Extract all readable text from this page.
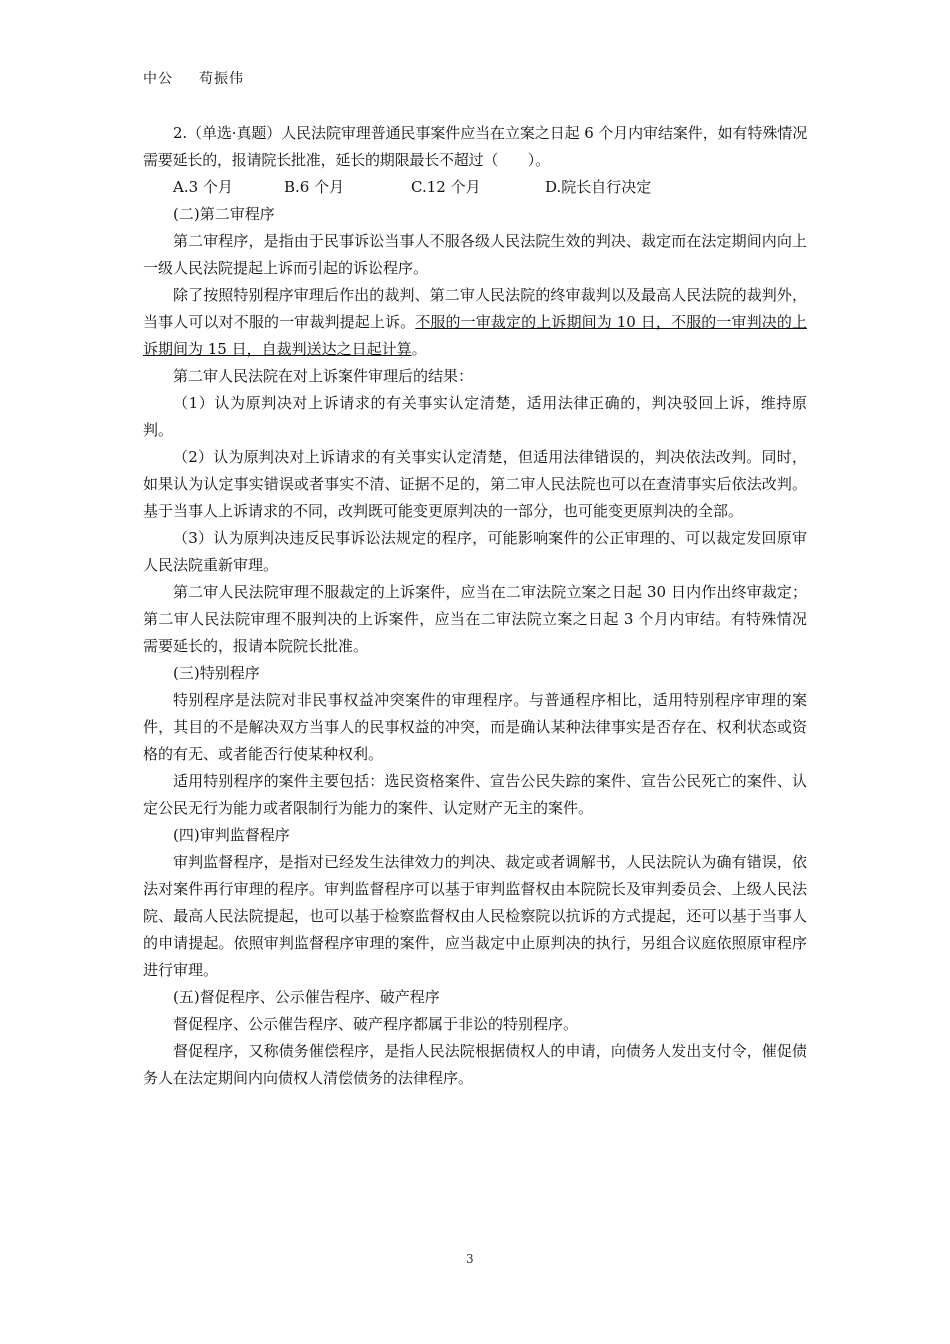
中公 苟振伟

2.（单选·真题）人民法院审理普通民事案件应当在立案之日起 6 个月内审结案件，如有特殊情况需要延长的，报请院长批准，延长的期限最长不超过（　　）。

A.3 个月	B.6 个月	C.12 个月	D.院长自行决定

(二)第二审程序

第二审程序，是指由于民事诉讼当事人不服各级人民法院生效的判决、裁定而在法定期间内向上一级人民法院提起上诉而引起的诉讼程序。

除了按照特别程序审理后作出的裁判、第二审人民法院的终审裁判以及最高人民法院的裁判外，当事人可以对不服的一审裁判提起上诉。不服的一审裁定的上诉期间为 10 日，不服的一审判决的上诉期间为 15 日，自裁判送达之日起计算。

第二审人民法院在对上诉案件审理后的结果：

（1）认为原判决对上诉请求的有关事实认定清楚，适用法律正确的，判决驳回上诉，维持原判。

（2）认为原判决对上诉请求的有关事实认定清楚，但适用法律错误的，判决依法改判。同时，如果认为认定事实错误或者事实不清、证据不足的，第二审人民法院也可以在查清事实后依法改判。基于当事人上诉请求的不同，改判既可能变更原判决的一部分，也可能变更原判决的全部。

（3）认为原判决违反民事诉讼法规定的程序，可能影响案件的公正审理的、可以裁定发回原审人民法院重新审理。

第二审人民法院审理不服裁定的上诉案件，应当在二审法院立案之日起 30 日内作出终审裁定；第二审人民法院审理不服判决的上诉案件，应当在二审法院立案之日起 3 个月内审结。有特殊情况需要延长的，报请本院院长批准。

(三)特别程序

特别程序是法院对非民事权益冲突案件的审理程序。与普通程序相比，适用特别程序审理的案件，其目的不是解决双方当事人的民事权益的冲突，而是确认某种法律事实是否存在、权利状态或资格的有无、或者能否行使某种权利。

适用特别程序的案件主要包括：选民资格案件、宣告公民失踪的案件、宣告公民死亡的案件、认定公民无行为能力或者限制行为能力的案件、认定财产无主的案件。

(四)审判监督程序

审判监督程序，是指对已经发生法律效力的判决、裁定或者调解书，人民法院认为确有错误，依法对案件再行审理的程序。审判监督程序可以基于审判监督权由本院院长及审判委员会、上级人民法院、最高人民法院提起，也可以基于检察监督权由人民检察院以抗诉的方式提起，还可以基于当事人的申请提起。依照审判监督程序审理的案件，应当裁定中止原判决的执行，另组合议庭依照原审程序进行审理。

(五)督促程序、公示催告程序、破产程序

督促程序、公示催告程序、破产程序都属于非讼的特别程序。

督促程序，又称债务催偿程序，是指人民法院根据债权人的申请，向债务人发出支付令，催促债务人在法定期间内向债权人清偿债务的法律程序。

3
